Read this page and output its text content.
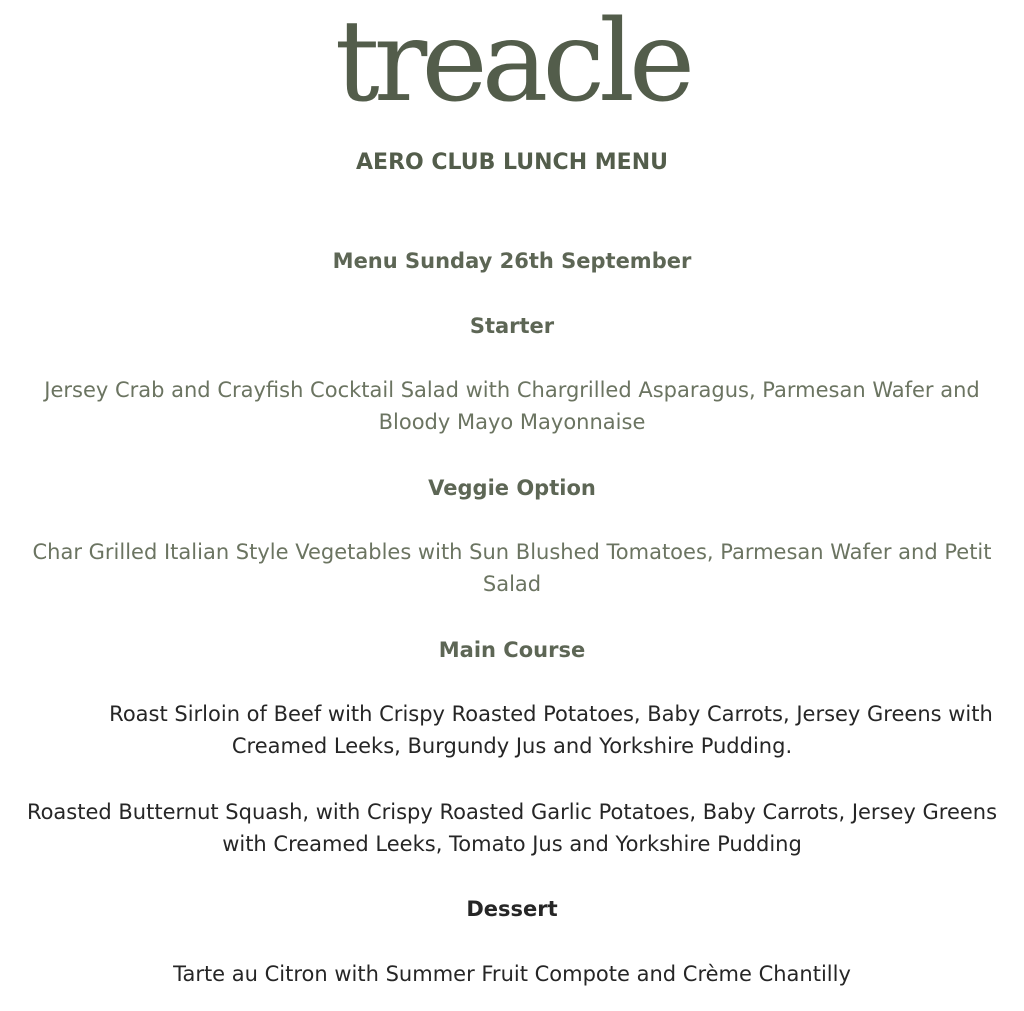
treacle
AERO CLUB LUNCH MENU
Menu Sunday 26th September
Starter
Jersey Crab and Crayfish Cocktail Salad with Chargrilled Asparagus, Parmesan Wafer and
Bloody Mayo Mayonnaise
Veggie Option
Char Grilled Italian Style Vegetables with Sun Blushed Tomatoes, Parmesan Wafer and Petit
Salad
Main Course
Roast Sirloin of Beef with Crispy Roasted Potatoes, Baby Carrots, Jersey Greens with
Creamed Leeks, Burgundy Jus and Yorkshire Pudding.
Roasted Butternut Squash, with Crispy Roasted Garlic Potatoes, Baby Carrots, Jersey Greens
with Creamed Leeks, Tomato Jus and Yorkshire Pudding
Dessert
Tarte au Citron with Summer Fruit Compote and Crème Chantilly
